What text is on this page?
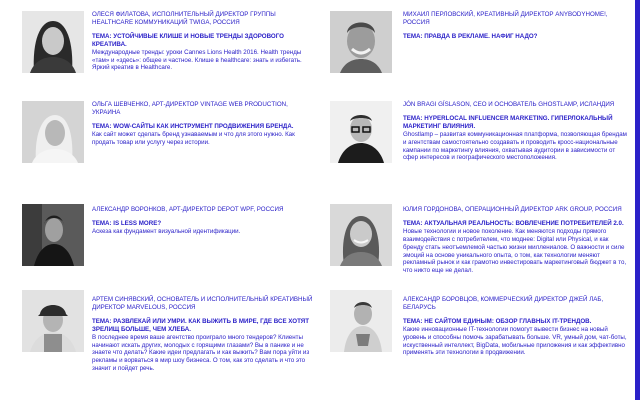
ОЛЕСЯ ФИЛАТОВА, ИСПОЛНИТЕЛЬНЫЙ ДИРЕКТОР ГРУППЫ HEALTHCARE КОММУНИКАЦИЙ TWIGA, РОССИЯ

ТЕМА: УСТОЙЧИВЫЕ КЛИШЕ И НОВЫЕ ТРЕНДЫ ЗДОРОВОГО КРЕАТИВА.

Международные тренды: уроки Cannes Lions Health 2016. Health тренды «там» и «здесь»: общее и частное. Клише в healthcare: знать и избегать. Яркий креатив в Healthcare.

ОЛЬГА ШЕВЧЕНКО, АРТ-ДИРЕКТОР VINTAGE WEB PRODUCTION, УКРАИНА

ТЕМА: WOW-САЙТЫ КАК ИНСТРУМЕНТ ПРОДВИЖЕНИЯ БРЕНДА.

Как сайт может сделать бренд узнаваемым и что для этого нужно. Как продать товар или услугу через истории.

АЛЕКСАНДР ВОРОНКОВ, АРТ-ДИРЕКТОР DEPOT WPF, РОССИЯ

ТЕМА: IS LESS MORE?

Аскеза как фундамент визуальной идентификации.

АРТЕМ СИНЯВСКИЙ, ОСНОВАТЕЛЬ И ИСПОЛНИТЕЛЬНЫЙ КРЕАТИВНЫЙ ДИРЕКТОР MARVELOUS, РОССИЯ

ТЕМА: РАЗВЛЕКАЙ ИЛИ УМРИ. КАК ВЫЖИТЬ В МИРЕ, ГДЕ ВСЕ ХОТЯТ ЗРЕЛИЩ БОЛЬШЕ, ЧЕМ ХЛЕБА.

В последнее время ваше агентство проиграло много тендеров? Клиенты начинают искать других, молодых с горящими глазами? Вы в панике и не знаете что делать? Какие идеи предлагать и как выжить? Вам пора уйти из рекламы и ворваться в мир шоу бизнеса. О том, как это сделать и что это значит и пойдет речь.

МИХАИЛ ПЕРЛОВСКИЙ, КРЕАТИВНЫЙ ДИРЕКТОР ANYBODYHOME!, РОССИЯ

ТЕМА: ПРАВДА В РЕКЛАМЕ. НАФИГ НАДО?

JÓN BRAGI GÍSLASON, CEO И ОСНОВАТЕЛЬ GHOSTLAMP, ИСЛАНДИЯ

ТЕМА: HYPERLOCAL INFLUENCER MARKETING. ГИПЕРЛОКАЛЬНЫЙ МАРКЕТИНГ ВЛИЯНИЯ.

Ghostlamp – развитая коммуникационная платформа, позволяющая брендам и агентствам самостоятельно создавать и проводить кросс-национальные кампании по маркетингу влияния, охватывая аудитории в зависимости от сфер интересов и географического местоположения.

ЮЛИЯ ГОРДОНОВА, ОПЕРАЦИОННЫЙ ДИРЕКТОР ARK GROUP, РОССИЯ

ТЕМА: АКТУАЛЬНАЯ РЕАЛЬНОСТЬ: ВОВЛЕЧЕНИЕ ПОТРЕБИТЕЛЕЙ 2.0.

Новые технологии и новое поколение. Как меняются подходы прямого взаимодействия с потребителем, что моднее: Digital или Physical, и как бренду стать неотъемлемой частью жизни миллениалов. О важности и силе эмоций на основе уникального опыта, о том, как технологии меняют рекламный рынок и как грамотно инвестировать маркетинговый бюджет в то, что никто еще не делал.

АЛЕКСАНДР БОРОВЦОВ, КОММЕРЧЕСКИЙ ДИРЕКТОР ДЖЕЙ ЛАБ, БЕЛАРУСЬ

ТЕМА: НЕ САЙТОМ ЕДИНЫМ: ОБЗОР ГЛАВНЫХ IT-ТРЕНДОВ.

Какие инновационные IT-технологии помогут вывести бизнес на новый уровень и способны помочь зарабатывать больше. VR, умный дом, чат-боты, искуственный интеллект, BigData, мобильные приложения и как эффективно применять эти технологии в продвижении.
